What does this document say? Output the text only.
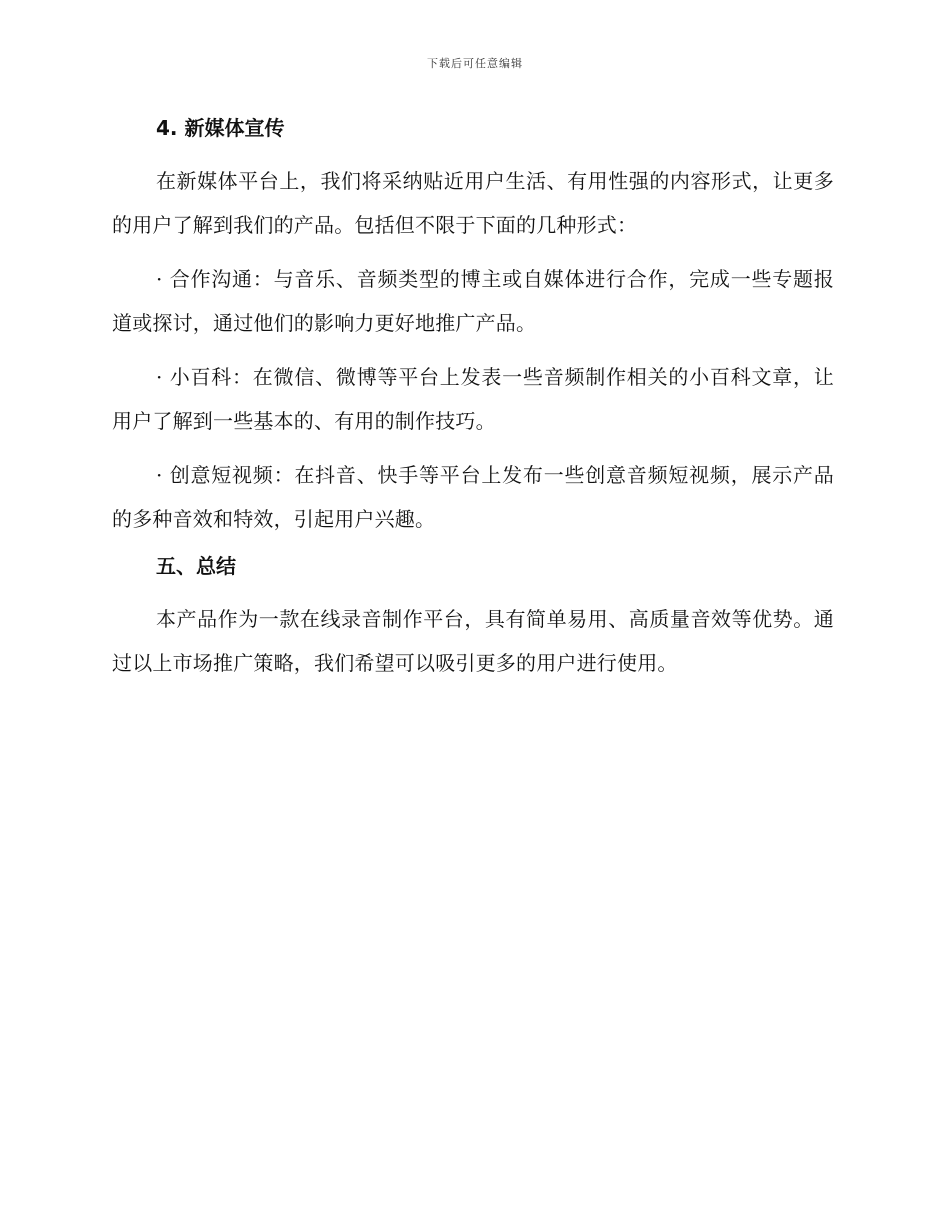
下载后可任意编辑
4. 新媒体宣传

在新媒体平台上，我们将采纳贴近用户生活、有用性强的内容形式，让更多的用户了解到我们的产品。包括但不限于下面的几种形式：

· 合作沟通：与音乐、音频类型的博主或自媒体进行合作，完成一些专题报道或探讨，通过他们的影响力更好地推广产品。

· 小百科：在微信、微博等平台上发表一些音频制作相关的小百科文章，让用户了解到一些基本的、有用的制作技巧。

· 创意短视频：在抖音、快手等平台上发布一些创意音频短视频，展示产品的多种音效和特效，引起用户兴趣。

五、总结

本产品作为一款在线录音制作平台，具有简单易用、高质量音效等优势。通过以上市场推广策略，我们希望可以吸引更多的用户进行使用。
